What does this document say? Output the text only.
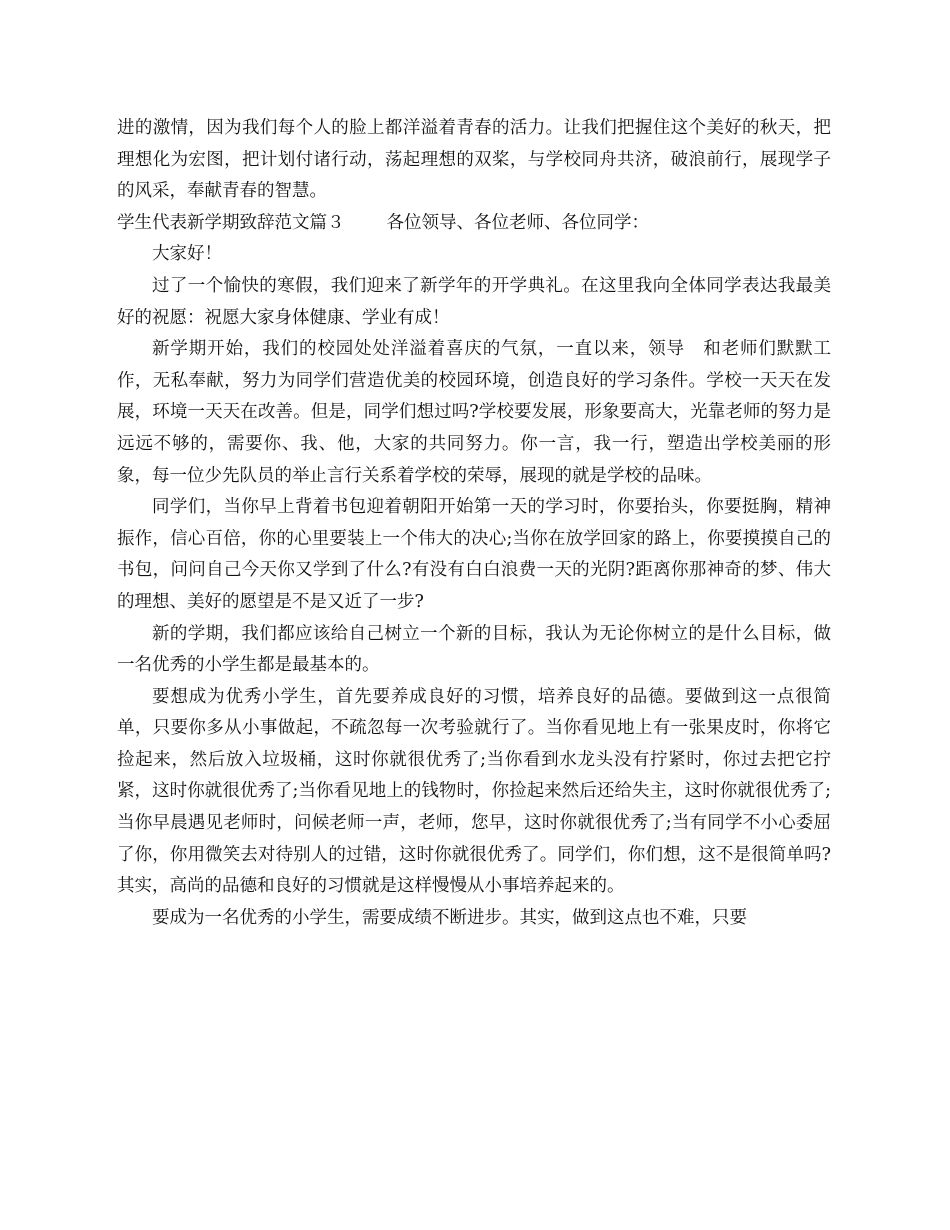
进的激情，因为我们每个人的脸上都洋溢着青春的活力。让我们把握住这个美好的秋天，把理想化为宏图，把计划付诸行动，荡起理想的双桨，与学校同舟共济，破浪前行，展现学子的风采，奉献青春的智慧。

学生代表新学期致辞范文篇３ 各位领导、各位老师、各位同学：

大家好！

过了一个愉快的寒假，我们迎来了新学年的开学典礼。在这里我向全体同学表达我最美好的祝愿：祝愿大家身体健康、学业有成！

新学期开始，我们的校园处处洋溢着喜庆的气氛，一直以来，领导　和老师们默默工作，无私奉献，努力为同学们营造优美的校园环境，创造良好的学习条件。学校一天天在发展，环境一天天在改善。但是，同学们想过吗?学校要发展，形象要高大，光靠老师的努力是远远不够的，需要你、我、他，大家的共同努力。你一言，我一行，塑造出学校美丽的形象，每一位少先队员的举止言行关系着学校的荣辱，展现的就是学校的品味。

同学们，当你早上背着书包迎着朝阳开始第一天的学习时，你要抬头，你要挺胸，精神振作，信心百倍，你的心里要装上一个伟大的决心;当你在放学回家的路上，你要摸摸自己的书包，问问自己今天你又学到了什么?有没有白白浪费一天的光阴?距离你那神奇的梦、伟大的理想、美好的愿望是不是又近了一步?

新的学期，我们都应该给自己树立一个新的目标，我认为无论你树立的是什么目标，做一名优秀的小学生都是最基本的。

要想成为优秀小学生，首先要养成良好的习惯，培养良好的品德。要做到这一点很简单，只要你多从小事做起，不疏忽每一次考验就行了。当你看见地上有一张果皮时，你将它捡起来，然后放入垃圾桶，这时你就很优秀了;当你看到水龙头没有拧紧时，你过去把它拧紧，这时你就很优秀了;当你看见地上的钱物时，你捡起来然后还给失主，这时你就很优秀了;当你早晨遇见老师时，问候老师一声，老师，您早，这时你就很优秀了;当有同学不小心委屈了你，你用微笑去对待别人的过错，这时你就很优秀了。同学们，你们想，这不是很简单吗?其实，高尚的品德和良好的习惯就是这样慢慢从小事培养起来的。

要成为一名优秀的小学生，需要成绩不断进步。其实，做到这点也不难，只要
